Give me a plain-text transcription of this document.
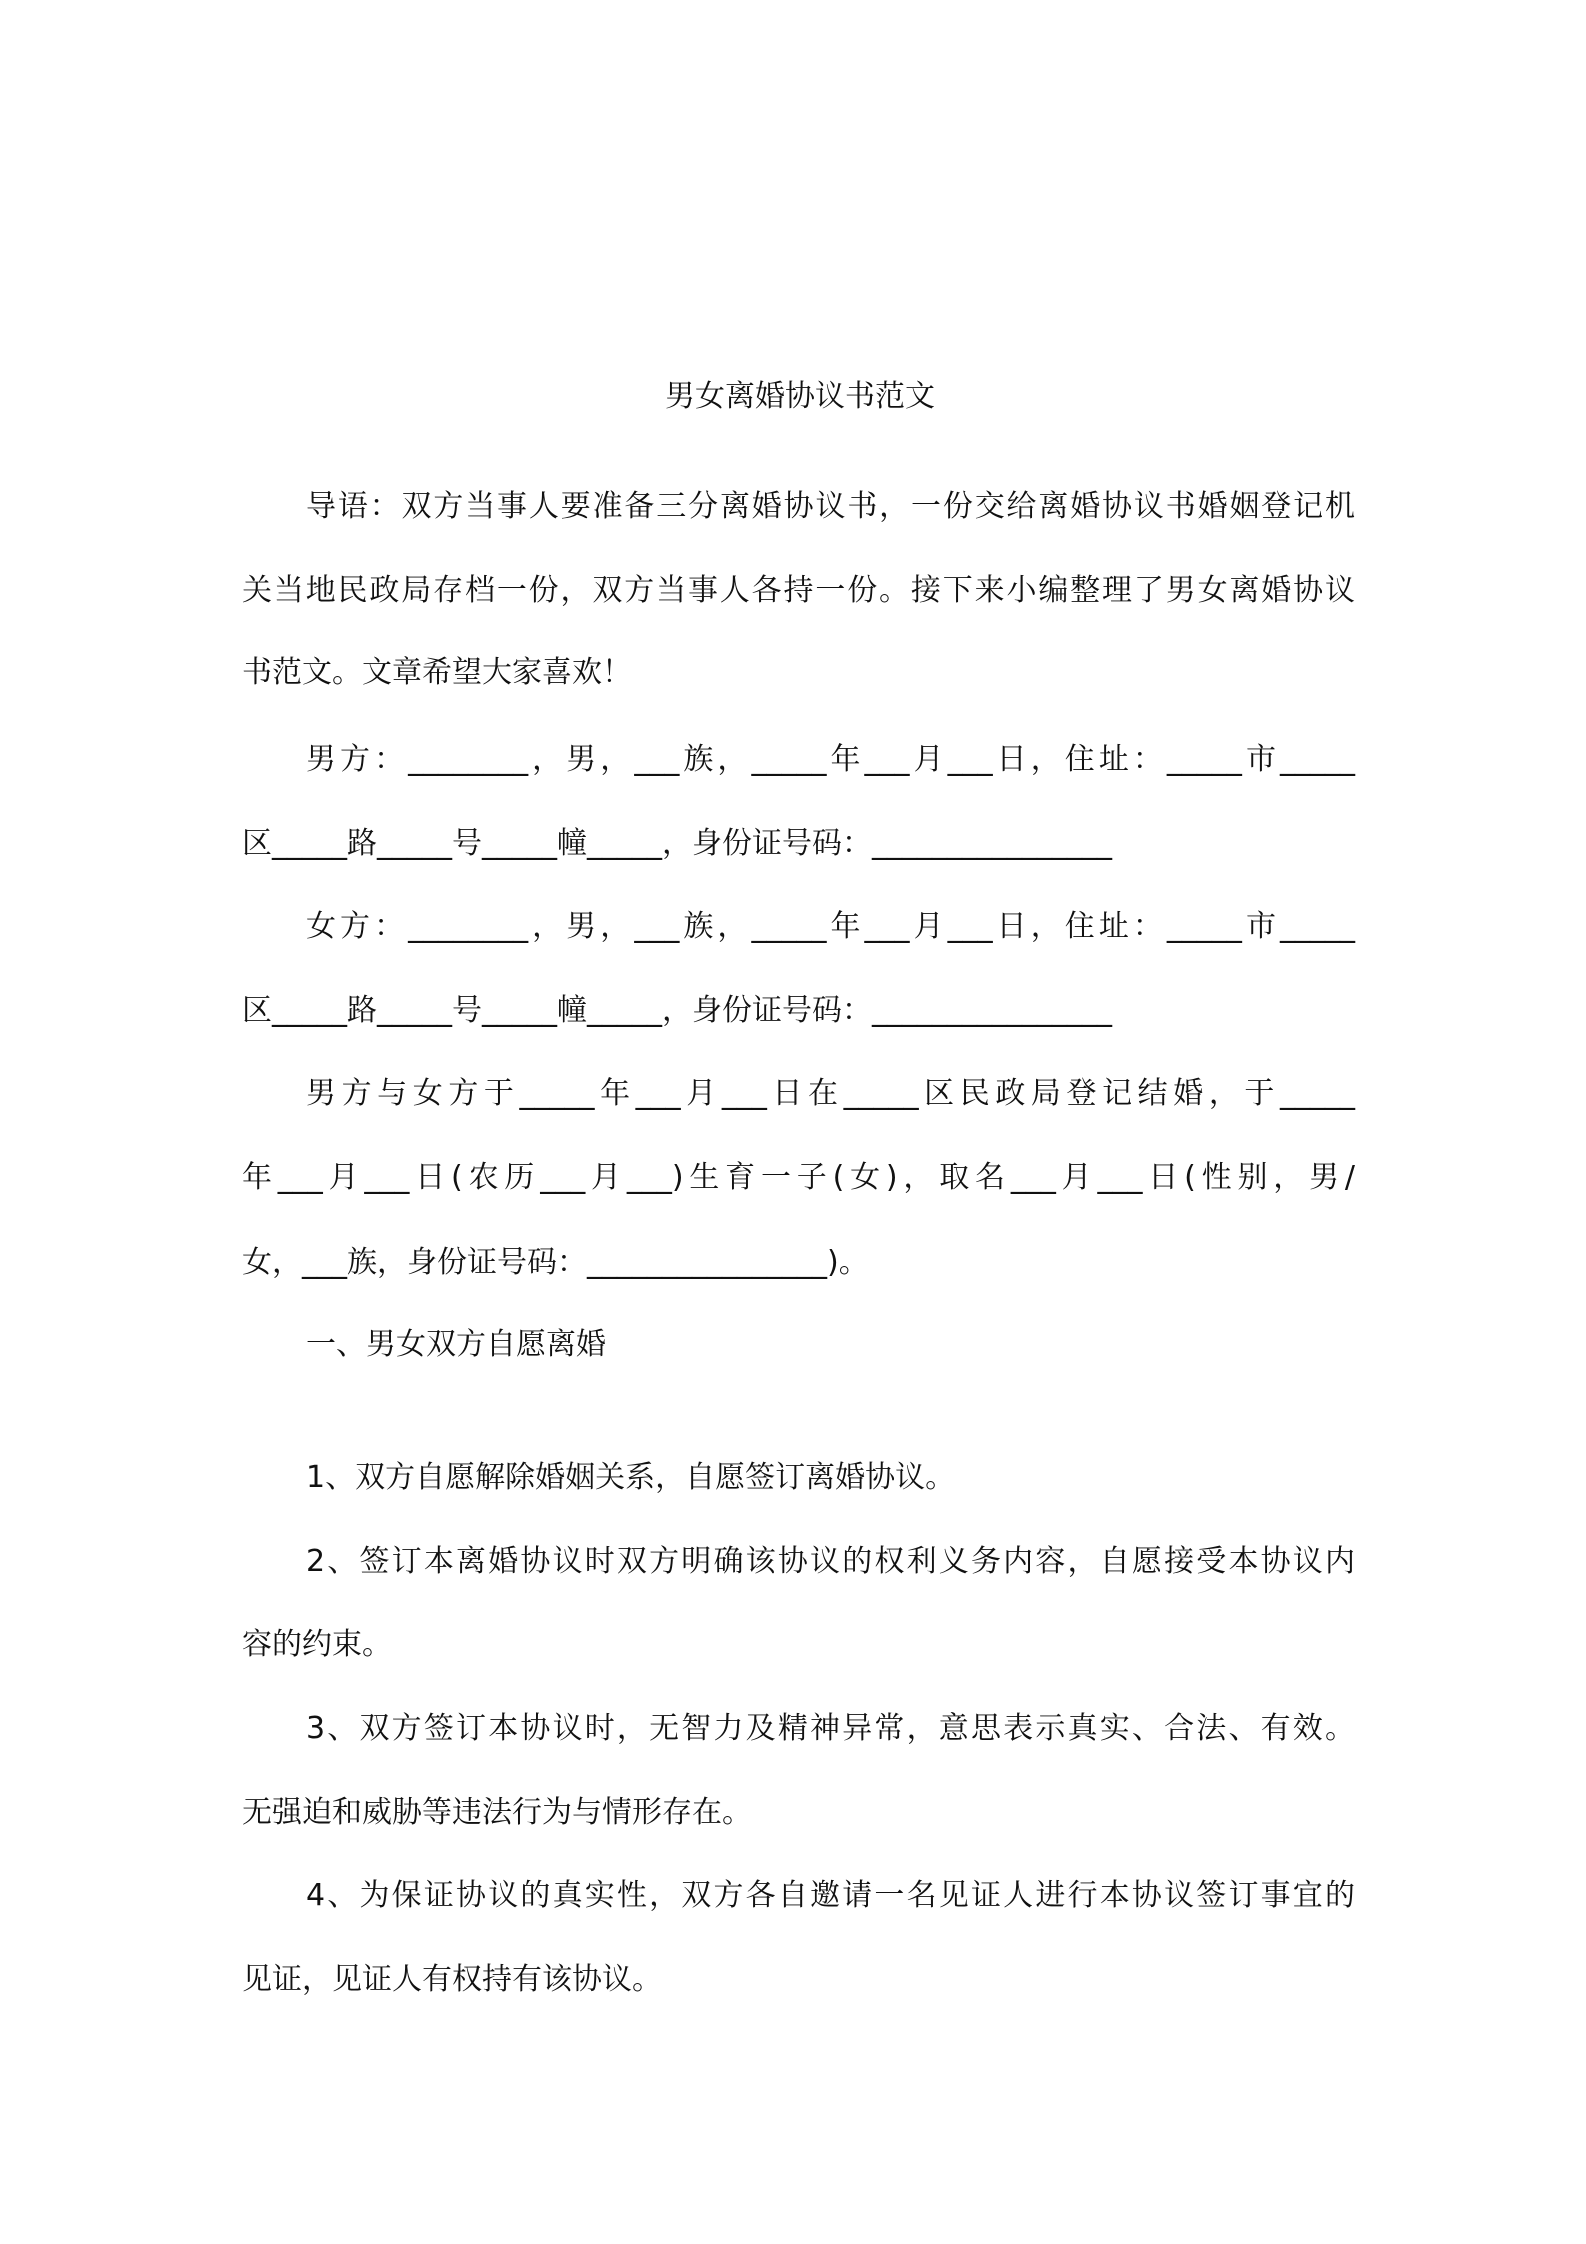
男女离婚协议书范文
导语：双方当事人要准备三分离婚协议书，一份交给离婚协议书婚姻登记机
关当地民政局存档一份，双方当事人各持一份。接下来小编整理了男女离婚协议
书范文。文章希望大家喜欢！
男方：________，男，___族，_____年___月___日，住址：_____市_____
区_____路_____号_____幢_____，身份证号码：________________
女方：________，男，___族，_____年___月___日，住址：_____市_____
区_____路_____号_____幢_____，身份证号码：________________
男方与女方于_____年___月___日在_____区民政局登记结婚，于_____
年___月___日(农历___月___)生育一子(女)，取名___月___日(性别，男/
女，___族，身份证号码：________________)。
一、男女双方自愿离婚
1、双方自愿解除婚姻关系，自愿签订离婚协议。
2、签订本离婚协议时双方明确该协议的权利义务内容，自愿接受本协议内
容的约束。
3、双方签订本协议时，无智力及精神异常，意思表示真实、合法、有效。
无强迫和威胁等违法行为与情形存在。
4、为保证协议的真实性，双方各自邀请一名见证人进行本协议签订事宜的
见证，见证人有权持有该协议。
